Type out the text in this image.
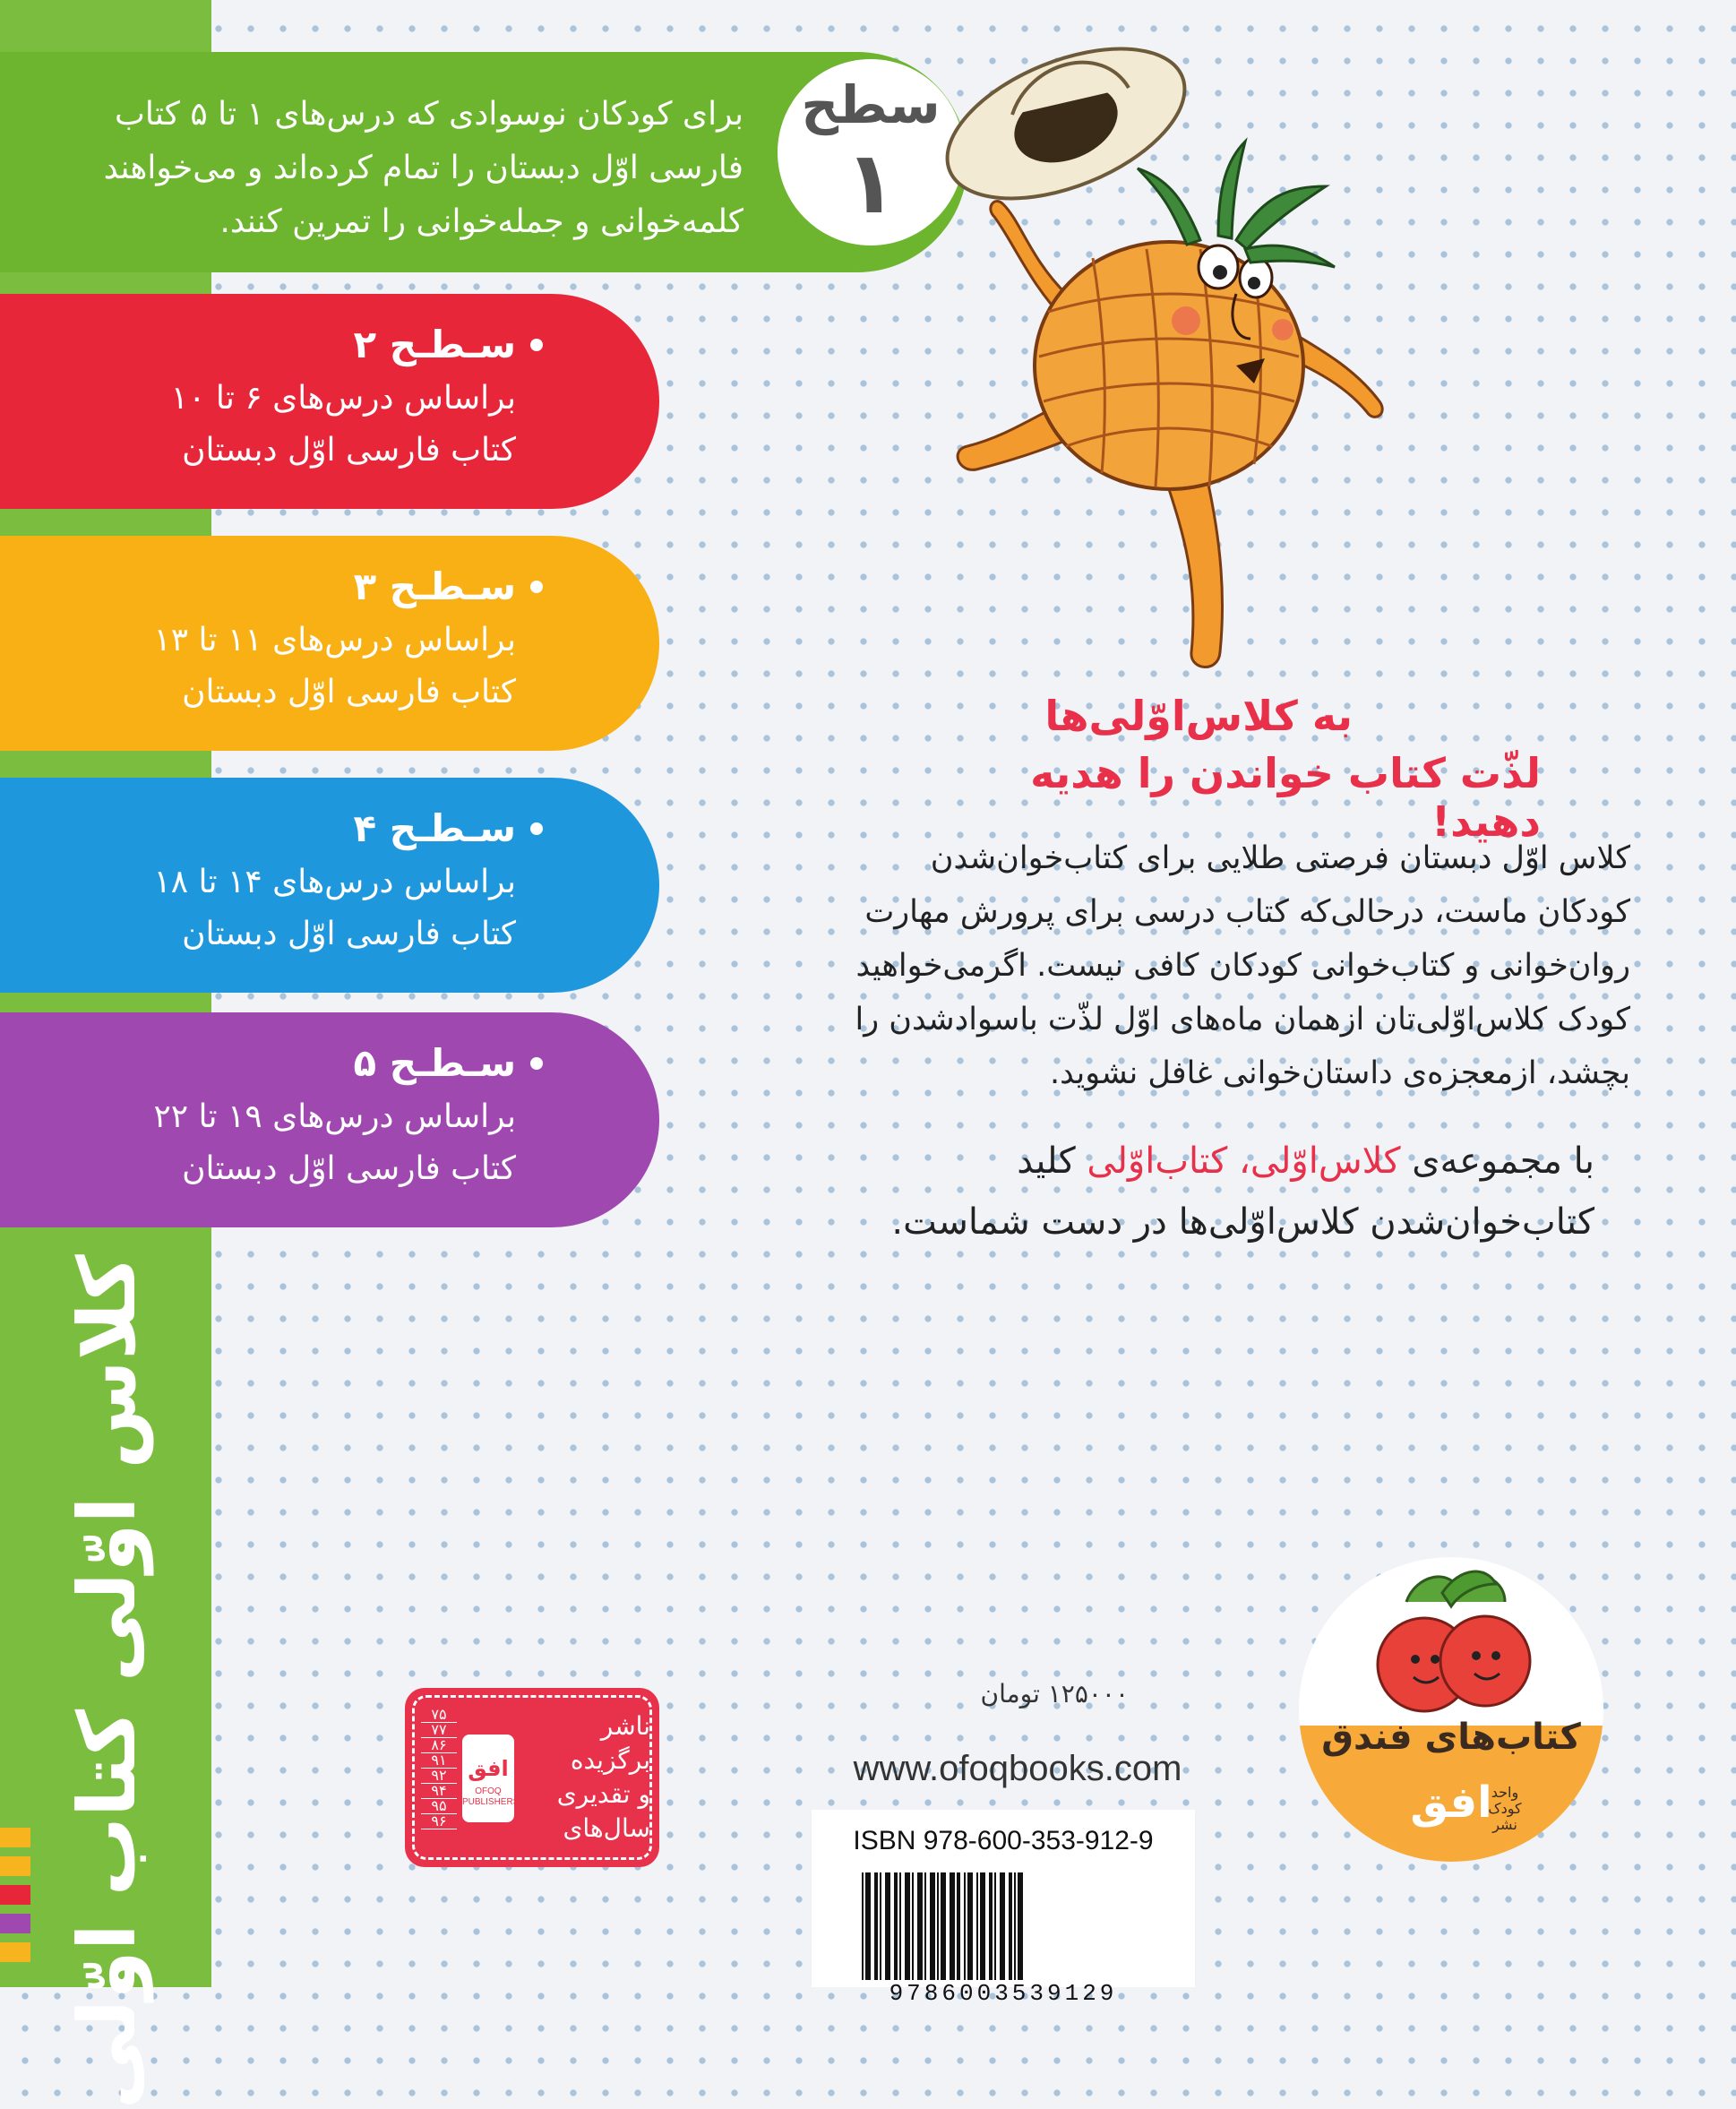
کلاس اوّلی کتاب اوّلی
برای کودکان نوسوادی که درس‌های ۱ تا ۵ کتاب
فارسی اوّل دبستان را تمام کرده‌اند و می‌خواهند
کلمه‌خوانی و جمله‌خوانی را تمرین کنند.
سطح
۱
سـطـح ۲
براساس درس‌های ۶ تا ۱۰
کتاب فارسی اوّل دبستان
سـطـح ۳
براساس درس‌های ۱۱ تا ۱۳
کتاب فارسی اوّل دبستان
سـطـح ۴
براساس درس‌های ۱۴ تا ۱۸
کتاب فارسی اوّل دبستان
سـطـح ۵
براساس درس‌های ۱۹ تا ۲۲
کتاب فارسی اوّل دبستان
به کلاس‌اوّلی‌ها
لذّت کتاب خواندن را هدیه دهید!
کلاس اوّل دبستان فرصتی طلایی برای کتاب‌خوان‌شدن
کودکان ماست، درحالی‌که کتاب درسی برای پرورش مهارت
روان‌خوانی و کتاب‌خوانی کودکان کافی نیست. اگرمی‌خواهید
کودک کلاس‌اوّلی‌تان ازهمان ماه‌های اوّل لذّت باسوادشدن را
بچشد، ازمعجزه‌ی داستان‌خوانی غافل نشوید.
با مجموعه‌ی کلاس‌اوّلی، کتاب‌اوّلی کلید
کتاب‌خوان‌شدن کلاس‌اوّلی‌ها در دست شماست.
۱۲۵۰۰۰ تومان
www.ofoqbooks.com
ISBN 978-600-353-912-9
9786003539129
۷۵
۷۷
۸۶
۹۱
۹۲
۹۴
۹۵
۹۶
افق
OFOQ PUBLISHERS
ناشر
برگزیده
و تقدیری
سال‌های
کتاب‌های فندق
افق واحد کودک نشر
